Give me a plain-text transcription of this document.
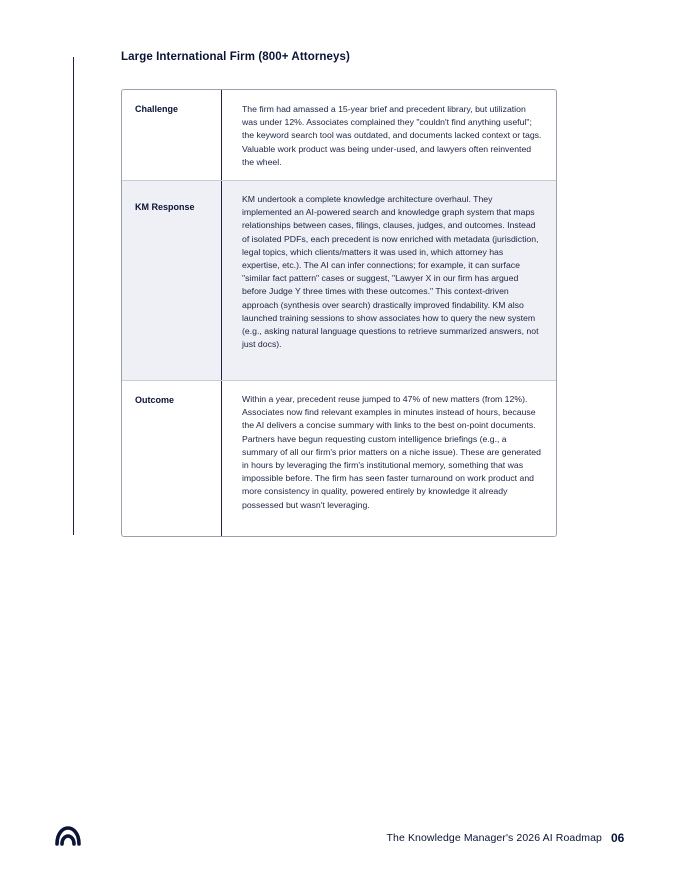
Large International Firm (800+ Attorneys)
Challenge	The firm had amassed a 15-year brief and precedent library, but utilization was under 12%. Associates complained they "couldn't find anything useful"; the keyword search tool was outdated, and documents lacked context or tags. Valuable work product was being under-used, and lawyers often reinvented the wheel.
KM Response
KM undertook a complete knowledge architecture overhaul. They implemented an AI-powered search and knowledge graph system that maps relationships between cases, filings, clauses, judges, and outcomes. Instead of isolated PDFs, each precedent is now enriched with metadata (jurisdiction, legal topics, which clients/matters it was used in, which attorney has expertise, etc.). The AI can infer connections; for example, it can surface "similar fact pattern" cases or suggest, "Lawyer X in our firm has argued before Judge Y three times with these outcomes." This context-driven approach (synthesis over search) drastically improved findability. KM also launched training sessions to show associates how to query the new system (e.g., asking natural language questions to retrieve summarized answers, not just docs).
Outcome	Within a year, precedent reuse jumped to 47% of new matters (from 12%). Associates now find relevant examples in minutes instead of hours, because the AI delivers a concise summary with links to the best on-point documents. Partners have begun requesting custom intelligence briefings (e.g., a summary of all our firm's prior matters on a niche issue). These are generated in hours by leveraging the firm's institutional memory, something that was impossible before. The firm has seen faster turnaround on work product and more consistency in quality, powered entirely by knowledge it already possessed but wasn't leveraging.
The Knowledge Manager's 2026 AI Roadmap 06
